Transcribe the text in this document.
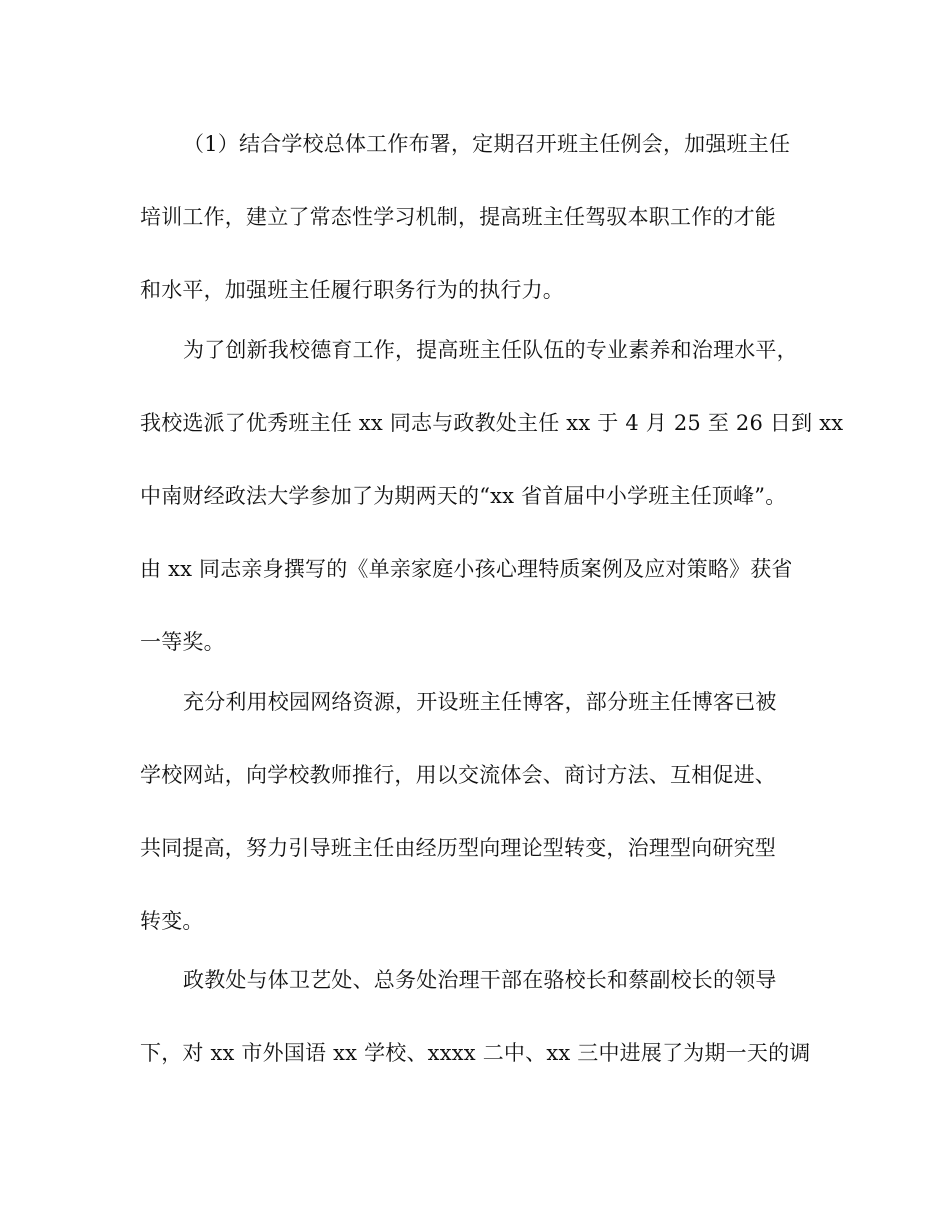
（1）结合学校总体工作布署，定期召开班主任例会，加强班主任
培训工作，建立了常态性学习机制，提高班主任驾驭本职工作的才能
和水平，加强班主任履行职务行为的执行力。
为了创新我校德育工作，提高班主任队伍的专业素养和治理水平，
我校选派了优秀班主任 xx 同志与政教处主任 xx 于 4 月 25 至 26 日到 xx
中南财经政法大学参加了为期两天的“xx 省首届中小学班主任顶峰”。
由 xx 同志亲身撰写的《单亲家庭小孩心理特质案例及应对策略》获省
一等奖。
充分利用校园网络资源，开设班主任博客，部分班主任博客已被
学校网站，向学校教师推行，用以交流体会、商讨方法、互相促进、
共同提高，努力引导班主任由经历型向理论型转变，治理型向研究型
转变。
政教处与体卫艺处、总务处治理干部在骆校长和蔡副校长的领导
下，对 xx 市外国语 xx 学校、xxxx 二中、xx 三中进展了为期一天的调
